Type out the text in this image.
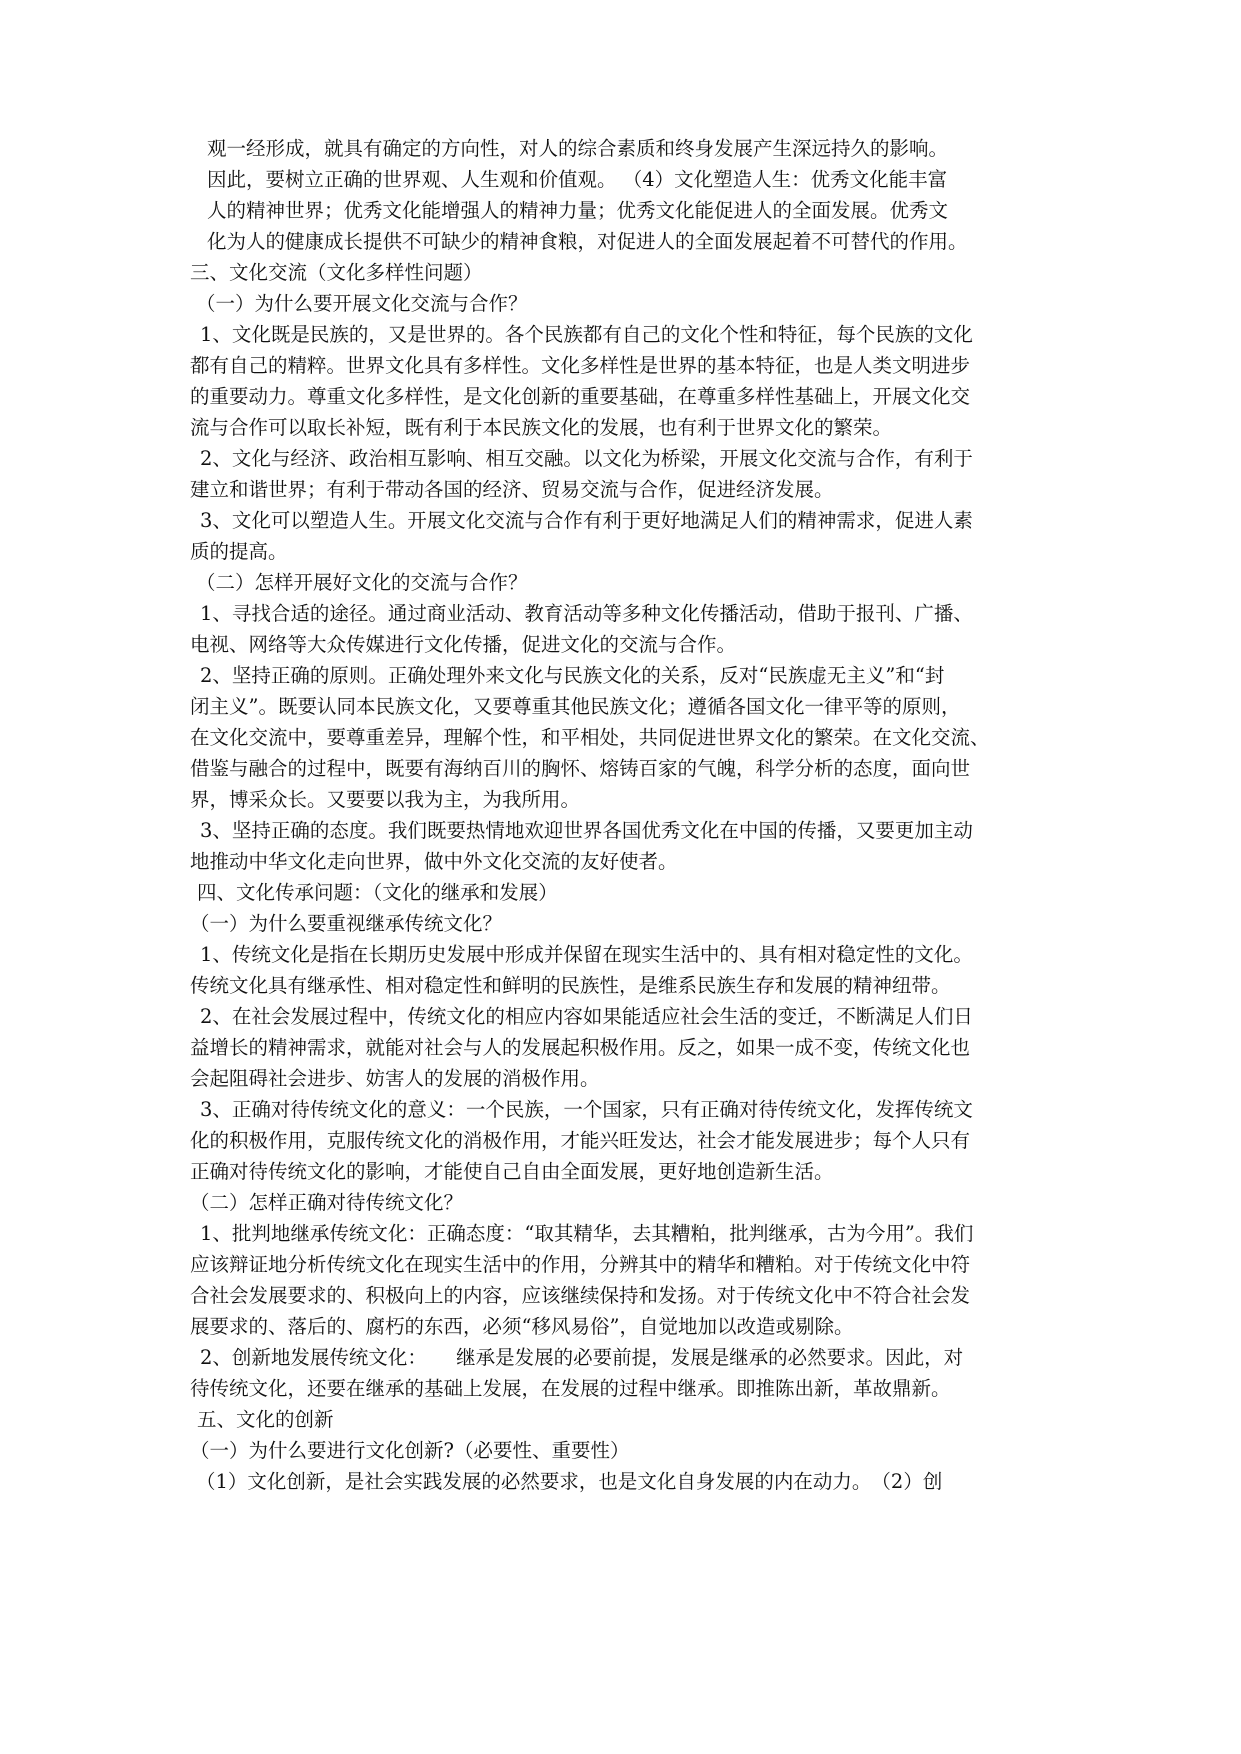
观一经形成，就具有确定的方向性，对人的综合素质和终身发展产生深远持久的影响。
因此，要树立正确的世界观、人生观和价值观。 （4）文化塑造人生：优秀文化能丰富
人的精神世界；优秀文化能增强人的精神力量；优秀文化能促进人的全面发展。优秀文
化为人的健康成长提供不可缺少的精神食粮，对促进人的全面发展起着不可替代的作用。
三、文化交流（文化多样性问题）
（一）为什么要开展文化交流与合作？
1、文化既是民族的，又是世界的。各个民族都有自己的文化个性和特征，每个民族的文化
都有自己的精粹。世界文化具有多样性。文化多样性是世界的基本特征，也是人类文明进步
的重要动力。尊重文化多样性，是文化创新的重要基础，在尊重多样性基础上，开展文化交
流与合作可以取长补短，既有利于本民族文化的发展，也有利于世界文化的繁荣。
2、文化与经济、政治相互影响、相互交融。以文化为桥梁，开展文化交流与合作，有利于
建立和谐世界；有利于带动各国的经济、贸易交流与合作，促进经济发展。
3、文化可以塑造人生。开展文化交流与合作有利于更好地满足人们的精神需求，促进人素
质的提高。
（二）怎样开展好文化的交流与合作？
1、寻找合适的途径。通过商业活动、教育活动等多种文化传播活动，借助于报刊、广播、
电视、网络等大众传媒进行文化传播，促进文化的交流与合作。
2、坚持正确的原则。正确处理外来文化与民族文化的关系，反对“民族虚无主义”和“封
闭主义”。既要认同本民族文化，又要尊重其他民族文化；遵循各国文化一律平等的原则，
在文化交流中，要尊重差异，理解个性，和平相处，共同促进世界文化的繁荣。在文化交流、
借鉴与融合的过程中，既要有海纳百川的胸怀、熔铸百家的气魄，科学分析的态度，面向世
界，博采众长。又要要以我为主，为我所用。
3、坚持正确的态度。我们既要热情地欢迎世界各国优秀文化在中国的传播，又要更加主动
地推动中华文化走向世界，做中外文化交流的友好使者。
四、文化传承问题：（文化的继承和发展）
（一）为什么要重视继承传统文化？
1、传统文化是指在长期历史发展中形成并保留在现实生活中的、具有相对稳定性的文化。
传统文化具有继承性、相对稳定性和鲜明的民族性，是维系民族生存和发展的精神纽带。
2、在社会发展过程中，传统文化的相应内容如果能适应社会生活的变迁，不断满足人们日
益增长的精神需求，就能对社会与人的发展起积极作用。反之，如果一成不变，传统文化也
会起阻碍社会进步、妨害人的发展的消极作用。
3、正确对待传统文化的意义：一个民族，一个国家，只有正确对待传统文化，发挥传统文
化的积极作用，克服传统文化的消极作用，才能兴旺发达，社会才能发展进步；每个人只有
正确对待传统文化的影响，才能使自己自由全面发展，更好地创造新生活。
（二）怎样正确对待传统文化？
1、批判地继承传统文化：正确态度：“取其精华，去其糟粕，批判继承，古为今用”。我们
应该辩证地分析传统文化在现实生活中的作用，分辨其中的精华和糟粕。对于传统文化中符
合社会发展要求的、积极向上的内容，应该继续保持和发扬。对于传统文化中不符合社会发
展要求的、落后的、腐朽的东西，必须“移风易俗”，自觉地加以改造或剔除。
2、创新地发展传统文化：　　继承是发展的必要前提，发展是继承的必然要求。因此，对
待传统文化，还要在继承的基础上发展，在发展的过程中继承。即推陈出新，革故鼎新。
五、文化的创新
（一）为什么要进行文化创新?（必要性、重要性）
（1）文化创新，是社会实践发展的必然要求，也是文化自身发展的内在动力。　（2）创
